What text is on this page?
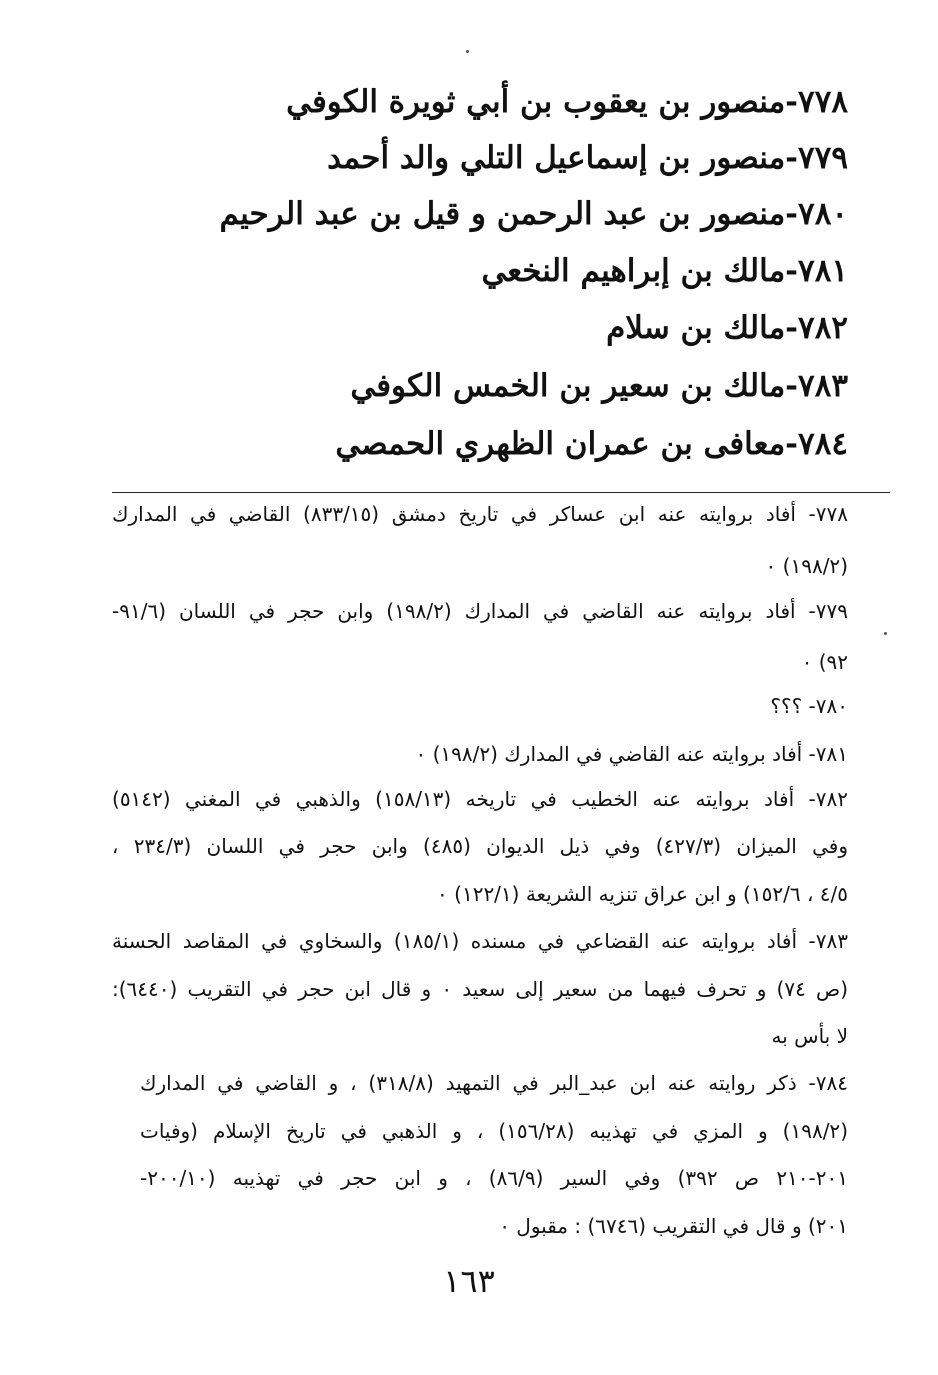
٧٧٨-منصور بن يعقوب بن أبي ثويرة الكوفي
٧٧٩-منصور بن إسماعيل التلي والد أحمد
٧٨٠-منصور بن عبد الرحمن و قيل بن عبد الرحيم
٧٨١-مالك بن إبراهيم النخعي
٧٨٢-مالك بن سلام
٧٨٣-مالك بن سعير بن الخمس الكوفي
٧٨٤-معافى بن عمران الظهري الحمصي
٧٧٨- أفاد بروايته عنه ابن عساكر في تاريخ دمشق (٨٣٣/١٥) القاضي في المدارك
(١٩٨/٢) ٠
٧٧٩- أفاد بروايته عنه القاضي في المدارك (١٩٨/٢) وابن حجر في اللسان (٩١/٦-
٩٢) ٠
٧٨٠- ؟؟؟
٧٨١- أفاد بروايته عنه القاضي في المدارك (١٩٨/٢) ٠
٧٨٢- أفاد بروايته عنه الخطيب في تاريخه (١٥٨/١٣) والذهبي في المغني (٥١٤٢)
وفي الميزان (٤٢٧/٣) وفي ذيل الديوان (٤٨٥) وابن حجر في اللسان (٢٣٤/٣ ،
٤/٥ ، ١٥٢/٦) و ابن عراق تنزيه الشريعة (١٢٢/١) ٠
٧٨٣- أفاد بروايته عنه القضاعي في مسنده (١٨٥/١) والسخاوي في المقاصد الحسنة
(ص ٧٤) و تحرف فيهما من سعير إلى سعيد ٠ و قال ابن حجر في التقريب (٦٤٤٠):
لا بأس به
٧٨٤- ذكر روايته عنه ابن عبد_البر في التمهيد (٣١٨/٨) ، و القاضي في المدارك
(١٩٨/٢) و المزي في تهذيبه (١٥٦/٢٨) ، و الذهبي في تاريخ الإسلام (وفيات
٢٠١-٢١٠ ص ٣٩٢) وفي السير (٨٦/٩) ، و ابن حجر في تهذيبه (٢٠٠/١٠-
٢٠١) و قال في التقريب (٦٧٤٦) : مقبول ٠
١٦٣
